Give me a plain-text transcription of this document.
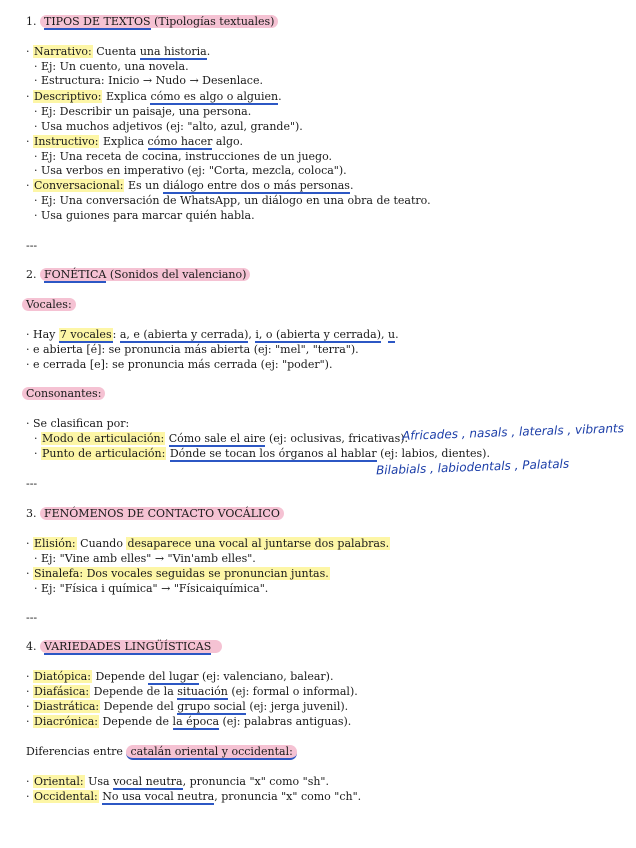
1. TIPOS DE TEXTOS (Tipologías textuales)
· Narrativo: Cuenta una historia.
· Ej: Un cuento, una novela.
· Estructura: Inicio → Nudo → Desenlace.
· Descriptivo: Explica cómo es algo o alguien.
· Ej: Describir un paisaje, una persona.
· Usa muchos adjetivos (ej: "alto, azul, grande").
· Instructivo: Explica cómo hacer algo.
· Ej: Una receta de cocina, instrucciones de un juego.
· Usa verbos en imperativo (ej: "Corta, mezcla, coloca").
· Conversacional: Es un diálogo entre dos o más personas.
· Ej: Una conversación de WhatsApp, un diálogo en una obra de teatro.
· Usa guiones para marcar quién habla.
---
2. FONÉTICA (Sonidos del valenciano)
Vocales:
· Hay 7 vocales: a, e (abierta y cerrada), i, o (abierta y cerrada), u.
· e abierta [é]: se pronuncia más abierta (ej: "mel", "terra").
· e cerrada [e]: se pronuncia más cerrada (ej: "poder").
Consonantes:
· Se clasifican por:
· Modo de articulación: Cómo sale el aire (ej: oclusivas, fricativas).
Africades , nasals , laterals , vibrants
· Punto de articulación: Dónde se tocan los órganos al hablar (ej: labios, dientes).
Bilabials , labiodentals , Palatals
---
3. FENÓMENOS DE CONTACTO VOCÁLICO
· Elisión: Cuando desaparece una vocal al juntarse dos palabras.
· Ej: "Vine amb elles" → "Vin'amb elles".
· Sinalefa: Dos vocales seguidas se pronuncian juntas.
· Ej: "Física i química" → "Físicaiquímica".
---
4. VARIEDADES LINGÜÍSTICAS
· Diatópica: Depende del lugar (ej: valenciano, balear).
· Diafásica: Depende de la situación (ej: formal o informal).
· Diastrática: Depende del grupo social (ej: jerga juvenil).
· Diacrónica: Depende de la época (ej: palabras antiguas).
Diferencias entre catalán oriental y occidental:
· Oriental: Usa vocal neutra, pronuncia "x" como "sh".
· Occidental: No usa vocal neutra, pronuncia "x" como "ch".
